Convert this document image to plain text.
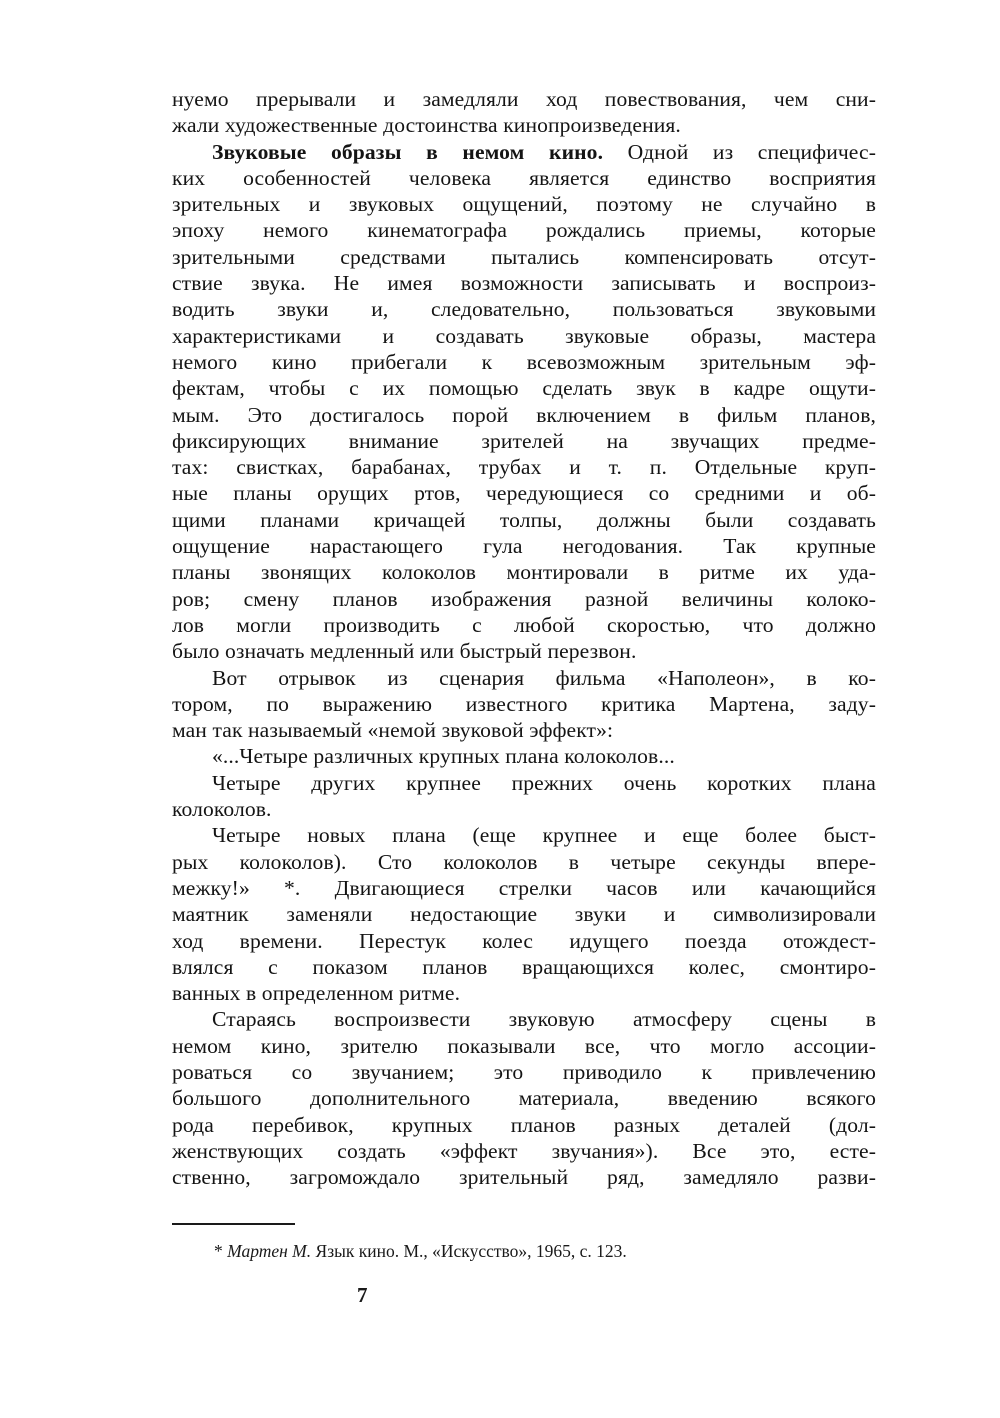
нуемо прерывали и замедляли ход повествования, чем сни-
жали художественные достоинства кинопроизведения.
Звуковые образы в немом кино. Одной из специфичес-
ких особенностей человека является единство восприятия
зрительных и звуковых ощущений, поэтому не случайно в
эпоху немого кинематографа рождались приемы, которые
зрительными средствами пытались компенсировать отсут-
ствие звука. Не имея возможности записывать и воспроиз-
водить звуки и, следовательно, пользоваться звуковыми
характеристиками и создавать звуковые образы, мастера
немого кино прибегали к всевозможным зрительным эф-
фектам, чтобы с их помощью сделать звук в кадре ощути-
мым. Это достигалось порой включением в фильм планов,
фиксирующих внимание зрителей на звучащих предме-
тах: свистках, барабанах, трубах и т. п. Отдельные круп-
ные планы орущих ртов, чередующиеся со средними и об-
щими планами кричащей толпы, должны были создавать
ощущение нарастающего гула негодования. Так крупные
планы звонящих колоколов монтировали в ритме их уда-
ров; смену планов изображения разной величины колоко-
лов могли производить с любой скоростью, что должно
было означать медленный или быстрый перезвон.
Вот отрывок из сценария фильма «Наполеон», в ко-
тором, по выражению известного критика Мартена, заду-
ман так называемый «немой звуковой эффект»:
«...Четыре различных крупных плана колоколов...
Четыре других крупнее прежних очень коротких плана
колоколов.
Четыре новых плана (еще крупнее и еще более быст-
рых колоколов). Сто колоколов в четыре секунды впере-
межку!» *. Двигающиеся стрелки часов или качающийся
маятник заменяли недостающие звуки и символизировали
ход времени. Перестук колес идущего поезда отождест-
влялся с показом планов вращающихся колес, смонтиро-
ванных в определенном ритме.
Стараясь воспроизвести звуковую атмосферу сцены в
немом кино, зрителю показывали все, что могло ассоции-
роваться со звучанием; это приводило к привлечению
большого дополнительного материала, введению всякого
рода перебивок, крупных планов разных деталей (дол-
женствующих создать «эффект звучания»). Все это, есте-
ственно, загромождало зрительный ряд, замедляло разви-
* Мартен М. Язык кино. М., «Искусство», 1965, с. 123.
7
